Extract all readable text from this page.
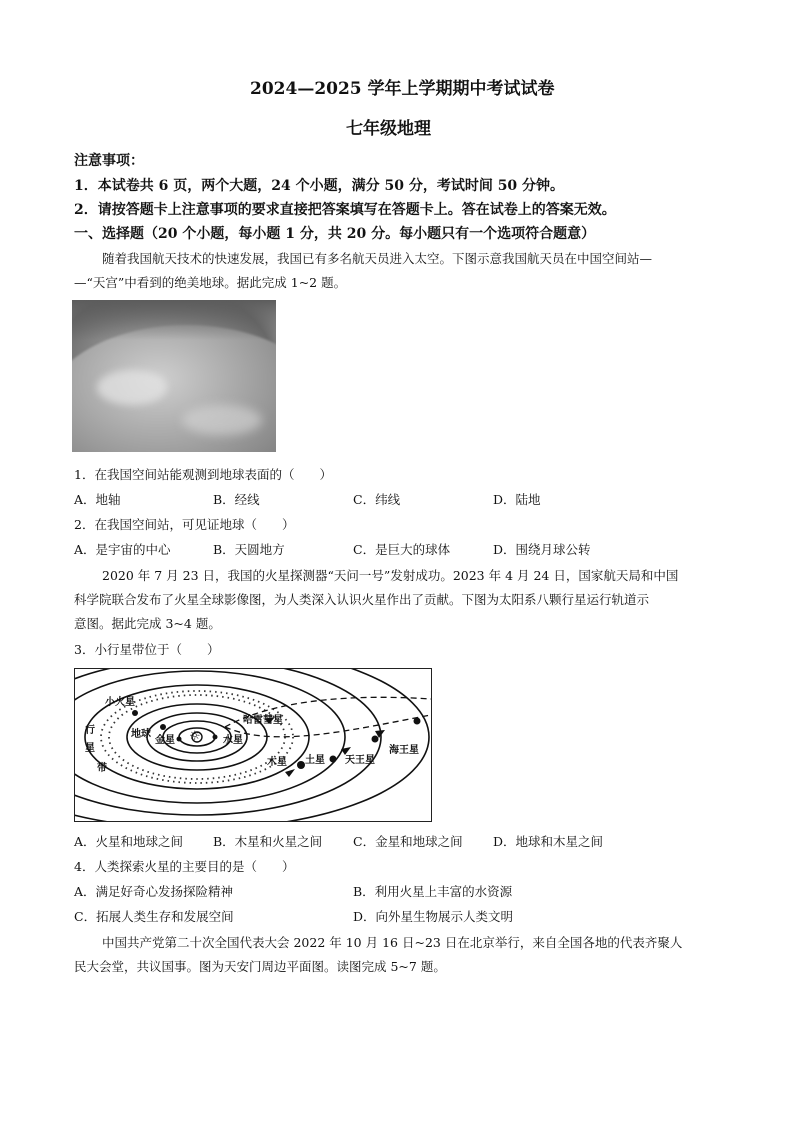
2024—2025 学年上学期期中考试试卷
七年级地理
注意事项：
1．本试卷共 6 页，两个大题，24 个小题，满分 50 分，考试时间 50 分钟。
2．请按答题卡上注意事项的要求直接把答案填写在答题卡上。答在试卷上的答案无效。
一、选择题（20 个小题，每小题 1 分，共 20 分。每小题只有一个选项符合题意）
随着我国航天技术的快速发展，我国已有多名航天员进入太空。下图示意我国航天员在中国空间站—
—“天宫”中看到的绝美地球。据此完成 1~2 题。
1．在我国空间站能观测到地球表面的（　　）
A．地轴	B．经线	C．纬线	D．陆地
2．在我国空间站，可见证地球（　　）
A．是宇宙的中心	B．天圆地方	C．是巨大的球体	D．围绕月球公转
2020 年 7 月 23 日，我国的火星探测器“天问一号”发射成功。2023 年 4 月 24 日，国家航天局和中国
科学院联合发布了火星全球影像图，为人类深入认识火星作出了贡献。下图为太阳系八颗行星运行轨道示
意图。据此完成 3~4 题。
3．小行星带位于（　　）
小火星
行
星
带
地球
金星 ☼ 水星
哈雷彗星
木星 土星 天王星
海王星
A．火星和地球之间 B．木星和火星之间 C．金星和地球之间 D．地球和木星之间
4．人类探索火星的主要目的是（　　）
A．满足好奇心发扬探险精神	B．利用火星上丰富的水资源
C．拓展人类生存和发展空间	D．向外星生物展示人类文明
中国共产党第二十次全国代表大会 2022 年 10 月 16 日~23 日在北京举行，来自全国各地的代表齐聚人
民大会堂，共议国事。图为天安门周边平面图。读图完成 5~7 题。
